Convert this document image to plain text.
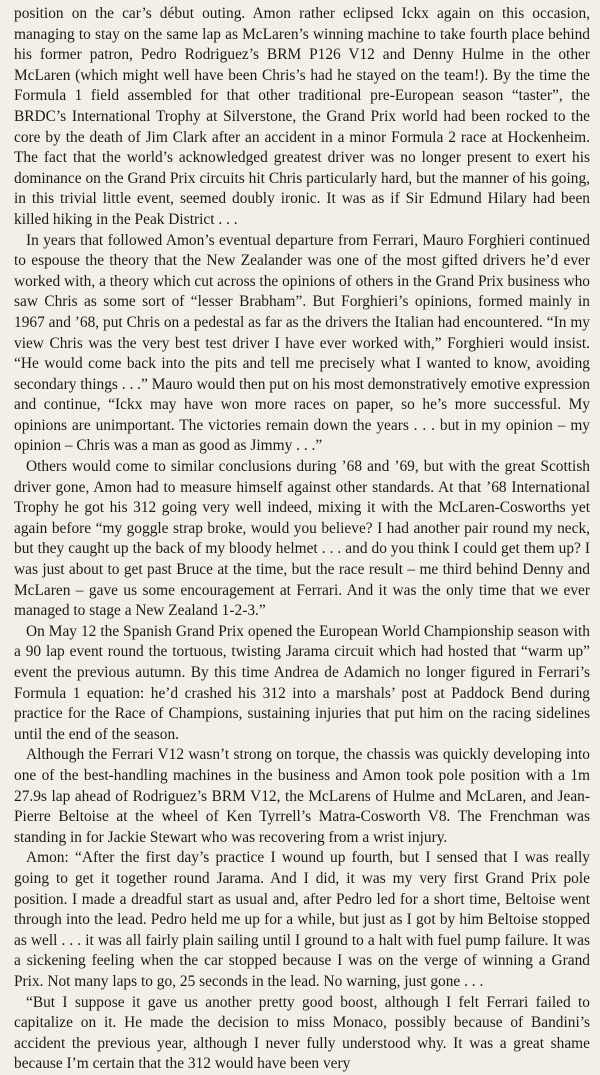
position on the car’s début outing. Amon rather eclipsed Ickx again on this occasion, managing to stay on the same lap as McLaren’s winning machine to take fourth place behind his former patron, Pedro Rodriguez’s BRM P126 V12 and Denny Hulme in the other McLaren (which might well have been Chris’s had he stayed on the team!). By the time the Formula 1 field assembled for that other traditional pre-European season “taster”, the BRDC’s International Trophy at Silverstone, the Grand Prix world had been rocked to the core by the death of Jim Clark after an accident in a minor Formula 2 race at Hockenheim. The fact that the world’s acknowledged greatest driver was no longer present to exert his dominance on the Grand Prix circuits hit Chris particularly hard, but the manner of his going, in this trivial little event, seemed doubly ironic. It was as if Sir Edmund Hilary had been killed hiking in the Peak District . . .

In years that followed Amon’s eventual departure from Ferrari, Mauro Forghieri continued to espouse the theory that the New Zealander was one of the most gifted drivers he’d ever worked with, a theory which cut across the opinions of others in the Grand Prix business who saw Chris as some sort of “lesser Brabham”. But Forghieri’s opinions, formed mainly in 1967 and ’68, put Chris on a pedestal as far as the drivers the Italian had encountered. “In my view Chris was the very best test driver I have ever worked with,” Forghieri would insist. “He would come back into the pits and tell me precisely what I wanted to know, avoiding secondary things . . .” Mauro would then put on his most demonstratively emotive expression and continue, “Ickx may have won more races on paper, so he’s more successful. My opinions are unimportant. The victories remain down the years . . . but in my opinion – my opinion – Chris was a man as good as Jimmy . . .”

Others would come to similar conclusions during ’68 and ’69, but with the great Scottish driver gone, Amon had to measure himself against other standards. At that ’68 International Trophy he got his 312 going very well indeed, mixing it with the McLaren-Cosworths yet again before “my goggle strap broke, would you believe? I had another pair round my neck, but they caught up the back of my bloody helmet . . . and do you think I could get them up? I was just about to get past Bruce at the time, but the race result – me third behind Denny and McLaren – gave us some encouragement at Ferrari. And it was the only time that we ever managed to stage a New Zealand 1-2-3.”

On May 12 the Spanish Grand Prix opened the European World Championship season with a 90 lap event round the tortuous, twisting Jarama circuit which had hosted that “warm up” event the previous autumn. By this time Andrea de Adamich no longer figured in Ferrari’s Formula 1 equation: he’d crashed his 312 into a marshals’ post at Paddock Bend during practice for the Race of Champions, sustaining injuries that put him on the racing sidelines until the end of the season.

Although the Ferrari V12 wasn’t strong on torque, the chassis was quickly developing into one of the best-handling machines in the business and Amon took pole position with a 1m 27.9s lap ahead of Rodriguez’s BRM V12, the McLarens of Hulme and McLaren, and Jean-Pierre Beltoise at the wheel of Ken Tyrrell’s Matra-Cosworth V8. The Frenchman was standing in for Jackie Stewart who was recovering from a wrist injury.

Amon: “After the first day’s practice I wound up fourth, but I sensed that I was really going to get it together round Jarama. And I did, it was my very first Grand Prix pole position. I made a dreadful start as usual and, after Pedro led for a short time, Beltoise went through into the lead. Pedro held me up for a while, but just as I got by him Beltoise stopped as well . . . it was all fairly plain sailing until I ground to a halt with fuel pump failure. It was a sickening feeling when the car stopped because I was on the verge of winning a Grand Prix. Not many laps to go, 25 seconds in the lead. No warning, just gone . . .

“But I suppose it gave us another pretty good boost, although I felt Ferrari failed to capitalize on it. He made the decision to miss Monaco, possibly because of Bandini’s accident the previous year, although I never fully understood why. It was a great shame because I’m certain that the 312 would have been very
